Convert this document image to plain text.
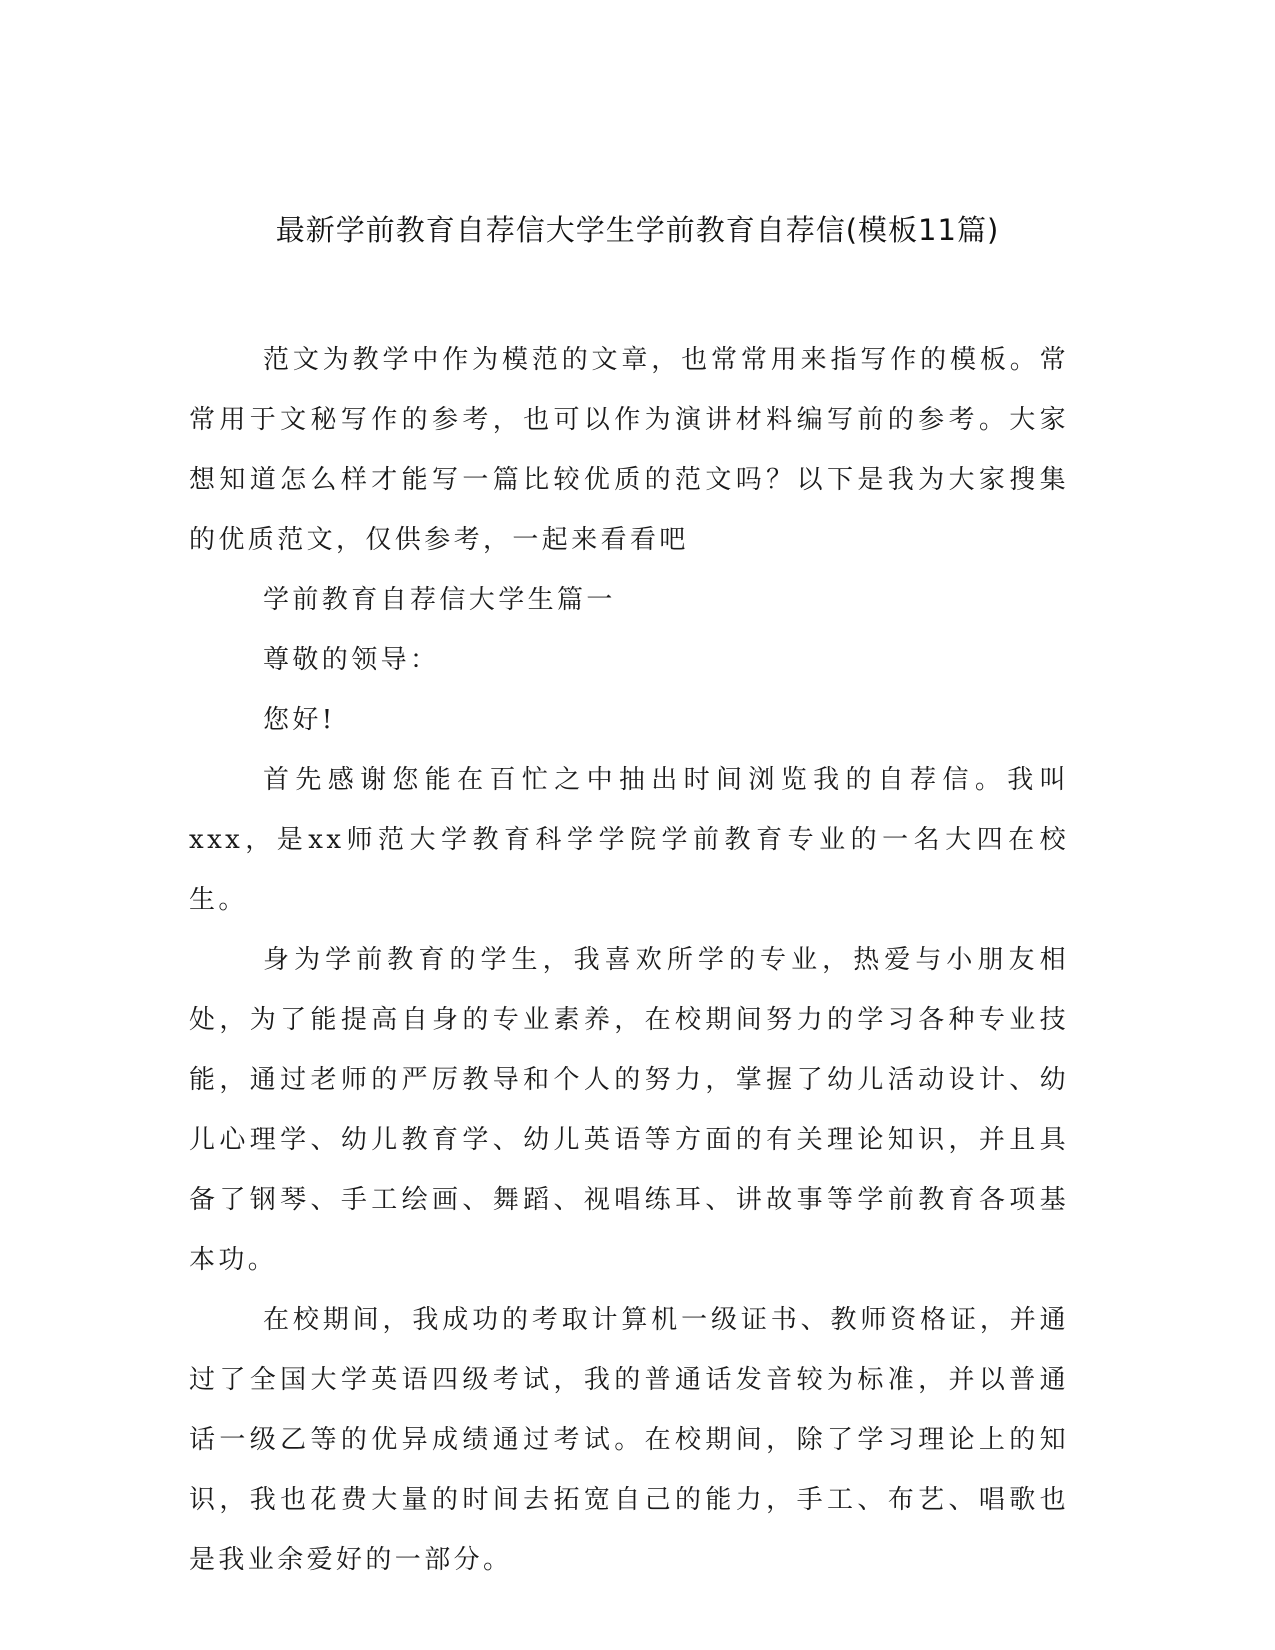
最新学前教育自荐信大学生学前教育自荐信(模板11篇)

范文为教学中作为模范的文章，也常常用来指写作的模板。常常用于文秘写作的参考，也可以作为演讲材料编写前的参考。大家想知道怎么样才能写一篇比较优质的范文吗？以下是我为大家搜集的优质范文，仅供参考，一起来看看吧

学前教育自荐信大学生篇一

尊敬的领导：

您好!

首先感谢您能在百忙之中抽出时间浏览我的自荐信。我叫xxx，是xx师范大学教育科学学院学前教育专业的一名大四在校生。

身为学前教育的学生，我喜欢所学的专业，热爱与小朋友相处，为了能提高自身的专业素养，在校期间努力的学习各种专业技能，通过老师的严厉教导和个人的努力，掌握了幼儿活动设计、幼儿心理学、幼儿教育学、幼儿英语等方面的有关理论知识，并且具备了钢琴、手工绘画、舞蹈、视唱练耳、讲故事等学前教育各项基本功。

在校期间，我成功的考取计算机一级证书、教师资格证，并通过了全国大学英语四级考试，我的普通话发音较为标准，并以普通话一级乙等的优异成绩通过考试。在校期间，除了学习理论上的知识，我也花费大量的时间去拓宽自己的能力，手工、布艺、唱歌也是我业余爱好的一部分。
